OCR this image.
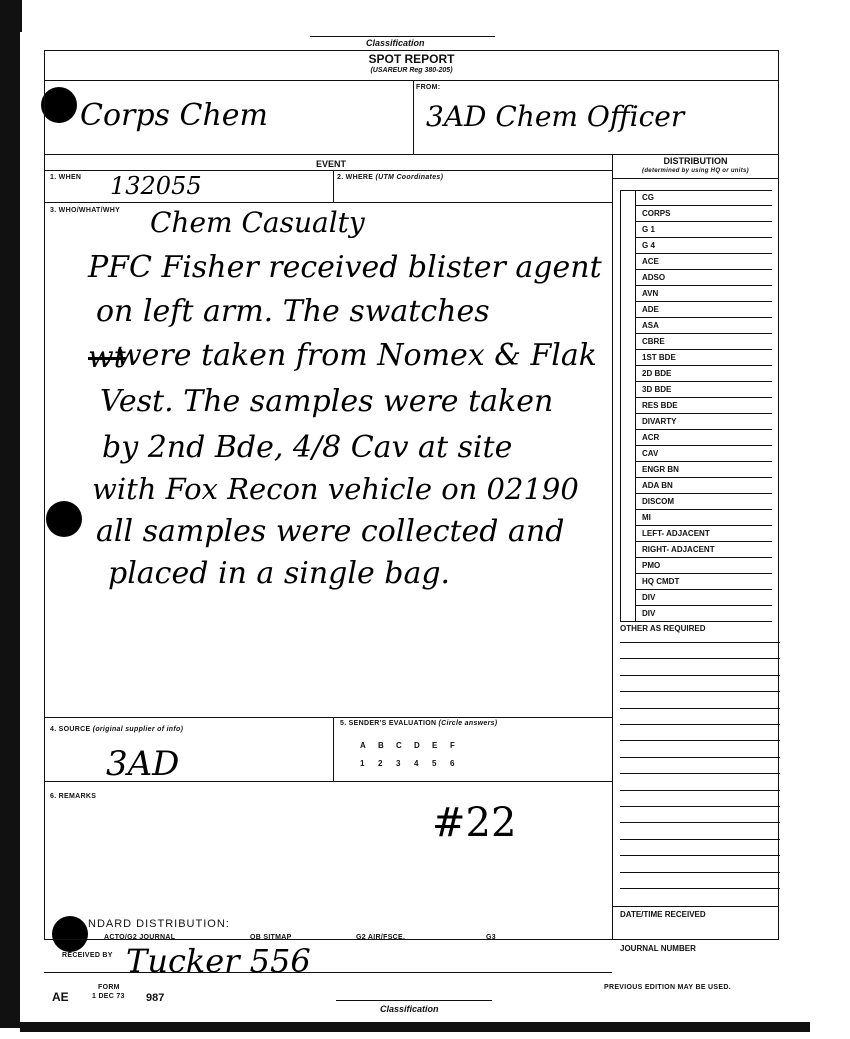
Classification
SPOT REPORT
(USAREUR Reg 380-205)
FROM:
Corps Chem	3AD Chem Officer
EVENT	DISTRIBUTION
(determined by using HQ or units)
CG
CORPS
G 1
G 4
ACE
ADSO
AVN
ADE
ASA
CBRE
1ST BDE
2D BDE
3D BDE
RES BDE
DIVARTY
ACR
CAV
ENGR BN
ADA BN
DISCOM
MI
LEFT- ADJACENT
RIGHT- ADJACENT
PMO
HQ CMDT
DIV
DIV
OTHER AS REQUIRED
DATE/TIME RECEIVED
JOURNAL NUMBER
1. WHEN 132055	2. WHERE (UTM Coordinates)
3. WHO/WHAT/WHY Chem Casualty
PFC Fisher received blister agent
on left arm. The swatches
wt
were taken from Nomex & Flak
Vest. The samples were taken
by 2nd Bde, 4/8 Cav at site
with Fox Recon vehicle on 02190
all samples were collected and
placed in a single bag.
4. SOURCE (original supplier of info)
3AD
5. SENDER'S EVALUATION (Circle answers)
A B C D E F
1 2 3 4 5 6
6. REMARKS
#22
NDARD DISTRIBUTION:
ACTO/G2 JOURNAL	OB SITMAP	G2 AIR/FSCE.	G3
RECEIVED BY Tucker 556
AE
FORM
1 DEC 73 987
PREVIOUS EDITION MAY BE USED.
Classification
